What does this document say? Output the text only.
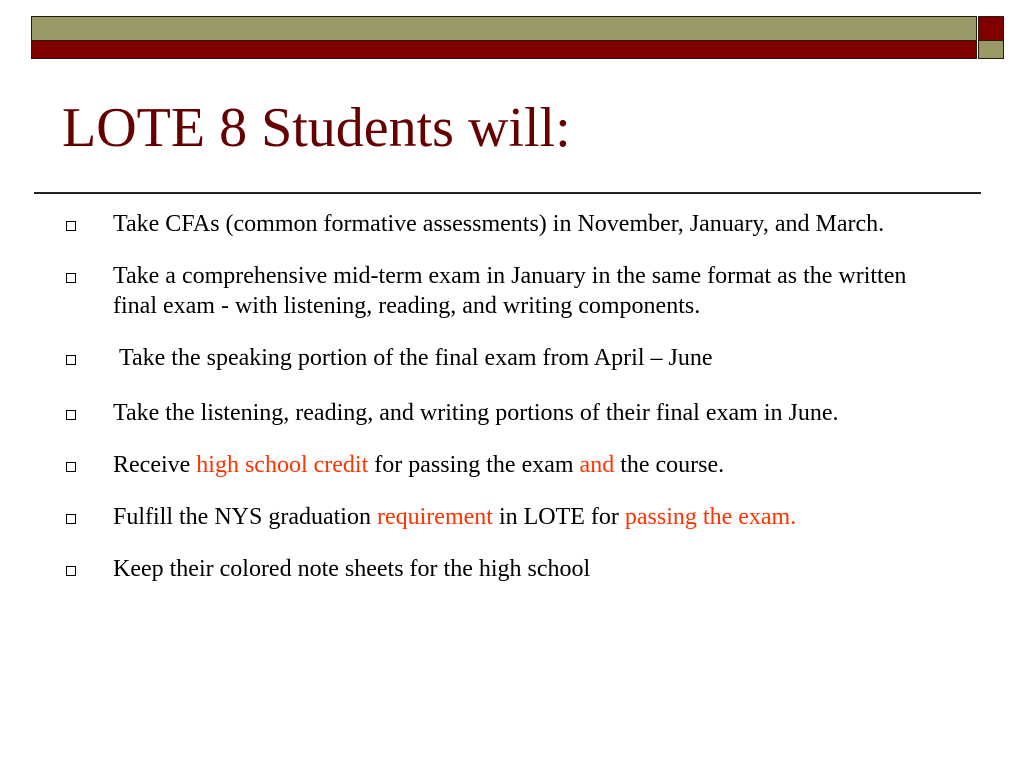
LOTE 8 Students will:
Take CFAs (common formative assessments) in November, January, and March.
Take a comprehensive mid-term exam in January in the same format as the written final exam - with listening, reading, and writing components.
Take the speaking portion of the final exam from April – June
Take the listening, reading, and writing portions of their final exam in June.
Receive high school credit for passing the exam and the course.
Fulfill the NYS graduation requirement in LOTE for passing the exam.
Keep their colored note sheets for the high school
